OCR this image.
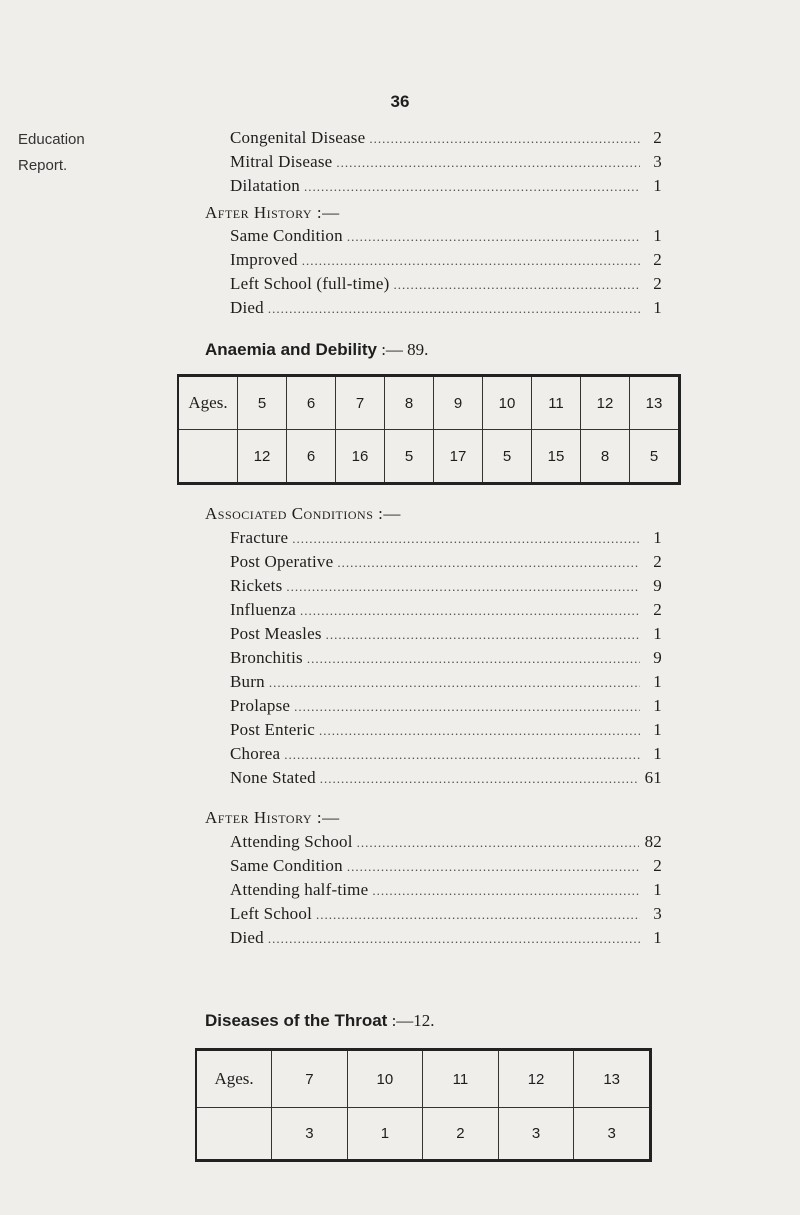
36
Education
Report.
Congenital Disease .....	2
Mitral Disease .....	3
Dilatation .....	1
After History :—
Same Condition .....	1
Improved .....	2
Left School (full-time) .....	2
Died .....	1
Anaemia and Debility :— 89.
Ages.	5	6	7	8	9	10	11	12	13
	12	6	16	5	17	5	15	8	5
Associated Conditions :—
Fracture .....	1
Post Operative .....	2
Rickets .....	9
Influenza .....	2
Post Measles .....	1
Bronchitis .....	9
Burn .....	1
Prolapse .....	1
Post Enteric .....	1
Chorea .....	1
None Stated .....	61
After History :—
Attending School .....	82
Same Condition .....	2
Attending half-time .....	1
Left School .....	3
Died .....	1
Diseases of the Throat :—12.
Ages.	7	10	11	12	13
	3	1	2	3	3
